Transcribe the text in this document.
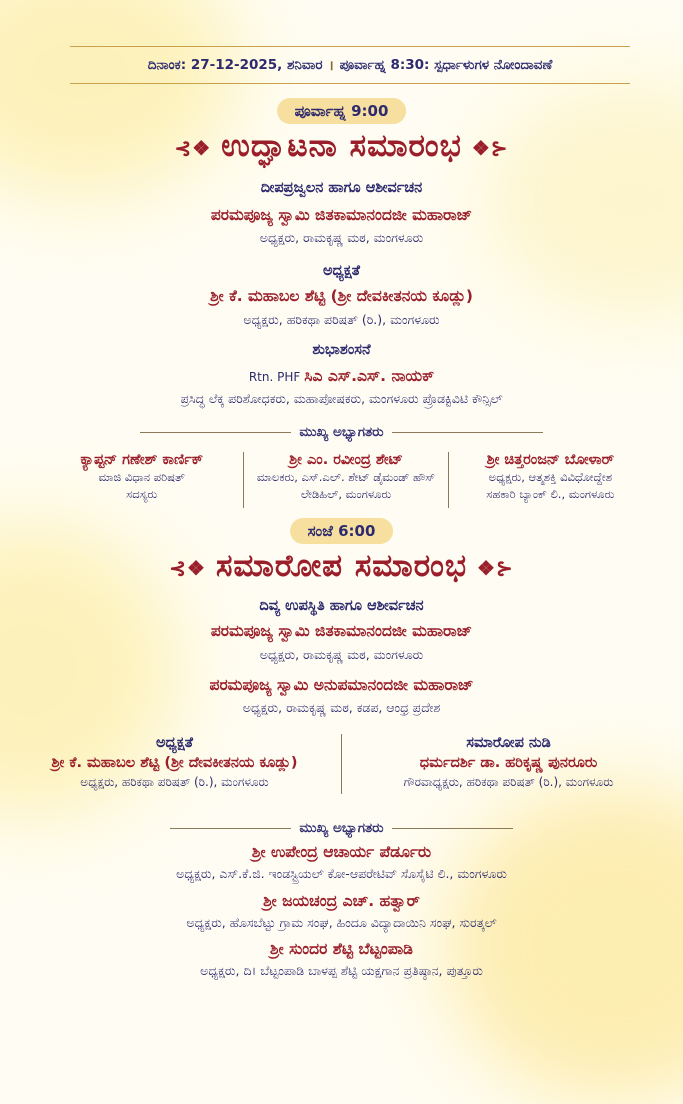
ದಿನಾಂಕ: 27-12-2025, ಶನಿವಾರ । ಪೂರ್ವಾಹ್ನ 8:30: ಸ್ಪರ್ಧಾಳುಗಳ ನೋಂದಾವಣೆ
ಪೂರ್ವಾಹ್ನ 9:00
⊰❖ ಉದ್ಘಾಟನಾ ಸಮಾರಂಭ ❖⊱
ದೀಪಪ್ರಜ್ವಲನ ಹಾಗೂ ಆಶೀರ್ವಚನ
ಪರಮಪೂಜ್ಯ ಸ್ವಾಮಿ ಜಿತಕಾಮಾನಂದಜೀ ಮಹಾರಾಜ್
ಅಧ್ಯಕ್ಷರು, ರಾಮಕೃಷ್ಣ ಮಠ, ಮಂಗಳೂರು
ಅಧ್ಯಕ್ಷತೆ
ಶ್ರೀ ಕೆ. ಮಹಾಬಲ ಶೆಟ್ಟಿ (ಶ್ರೀ ದೇವಕೀತನಯ ಕೂಡ್ಲು)
ಅಧ್ಯಕ್ಷರು, ಹರಿಕಥಾ ಪರಿಷತ್ (ರಿ.), ಮಂಗಳೂರು
ಶುಭಾಶಂಸನೆ
Rtn. PHF ಸಿಎ ಎಸ್.ಎಸ್. ನಾಯಕ್
ಪ್ರಸಿದ್ಧ ಲೆಕ್ಕ ಪರಿಶೋಧಕರು, ಮಹಾಪೋಷಕರು, ಮಂಗಳೂರು ಪ್ರೊಡಕ್ಟಿವಿಟಿ ಕೌನ್ಸಿಲ್
ಮುಖ್ಯ ಅಭ್ಯಾಗತರು
ಕ್ಯಾಪ್ಟನ್ ಗಣೇಶ್ ಕಾರ್ಣಿಕ್
ಮಾಜಿ ವಿಧಾನ ಪರಿಷತ್
ಸದಸ್ಯರು
ಶ್ರೀ ಎಂ. ರವೀಂದ್ರ ಶೇಟ್
ಮಾಲಕರು, ಎಸ್.ಎಲ್. ಶೇಟ್ ಡೈಮಂಡ್ ಹೌಸ್
ಲೇಡಿಹಿಲ್, ಮಂಗಳೂರು
ಶ್ರೀ ಚಿತ್ತರಂಜನ್ ಬೋಳಾರ್
ಅಧ್ಯಕ್ಷರು, ಆತ್ಮಶಕ್ತಿ ವಿವಿಧೋದ್ದೇಶ
ಸಹಕಾರಿ ಬ್ಯಾಂಕ್ ಲಿ., ಮಂಗಳೂರು
ಸಂಜೆ 6:00
⊰❖ ಸಮಾರೋಪ ಸಮಾರಂಭ ❖⊱
ದಿವ್ಯ ಉಪಸ್ಥಿತಿ ಹಾಗೂ ಆಶೀರ್ವಚನ
ಪರಮಪೂಜ್ಯ ಸ್ವಾಮಿ ಜಿತಕಾಮಾನಂದಜೀ ಮಹಾರಾಜ್
ಅಧ್ಯಕ್ಷರು, ರಾಮಕೃಷ್ಣ ಮಠ, ಮಂಗಳೂರು
ಪರಮಪೂಜ್ಯ ಸ್ವಾಮಿ ಅನುಪಮಾನಂದಜೀ ಮಹಾರಾಜ್
ಅಧ್ಯಕ್ಷರು, ರಾಮಕೃಷ್ಣ ಮಠ, ಕಡಪ, ಆಂಧ್ರ ಪ್ರದೇಶ
ಅಧ್ಯಕ್ಷತೆ
ಶ್ರೀ ಕೆ. ಮಹಾಬಲ ಶೆಟ್ಟಿ (ಶ್ರೀ ದೇವಕೀತನಯ ಕೂಡ್ಲು)
ಅಧ್ಯಕ್ಷರು, ಹರಿಕಥಾ ಪರಿಷತ್ (ರಿ.), ಮಂಗಳೂರು
ಸಮಾರೋಪ ನುಡಿ
ಧರ್ಮದರ್ಶಿ ಡಾ. ಹರಿಕೃಷ್ಣ ಪುನರೂರು
ಗೌರವಾಧ್ಯಕ್ಷರು, ಹರಿಕಥಾ ಪರಿಷತ್ (ರಿ.), ಮಂಗಳೂರು
ಮುಖ್ಯ ಅಭ್ಯಾಗತರು
ಶ್ರೀ ಉಪೇಂದ್ರ ಆಚಾರ್ಯ ಪೆರ್ಡೂರು
ಅಧ್ಯಕ್ಷರು, ಎಸ್.ಕೆ.ಜಿ. ಇಂಡಸ್ಟ್ರಿಯಲ್ ಕೋ-ಆಪರೇಟಿವ್ ಸೊಸೈಟಿ ಲಿ., ಮಂಗಳೂರು
ಶ್ರೀ ಜಯಚಂದ್ರ ಎಚ್. ಹತ್ವಾರ್
ಅಧ್ಯಕ್ಷರು, ಹೊಸಬೆಟ್ಟು ಗ್ರಾಮ ಸಂಘ, ಹಿಂದೂ ವಿದ್ಯಾದಾಯಿನಿ ಸಂಘ, ಸುರತ್ಕಲ್
ಶ್ರೀ ಸುಂದರ ಶೆಟ್ಟಿ ಬೆಟ್ಟಂಪಾಡಿ
ಅಧ್ಯಕ್ಷರು, ದಿ। ಬೆಟ್ಟಂಪಾಡಿ ಬಾಳಪ್ಪ ಶೆಟ್ಟಿ ಯಕ್ಷಗಾನ ಪ್ರತಿಷ್ಠಾನ, ಪುತ್ತೂರು
